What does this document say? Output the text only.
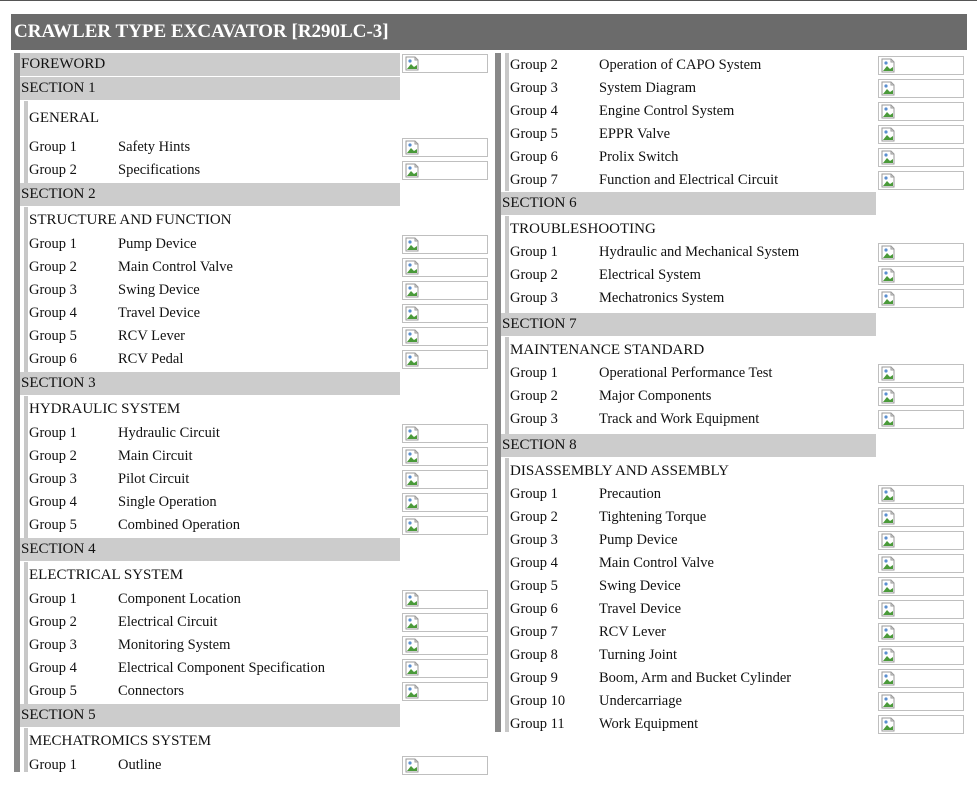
CRAWLER TYPE EXCAVATOR [R290LC-3]
FOREWORD
SECTION 1
GENERAL
Group 1	Safety Hints
Group 2	Specifications
SECTION 2
STRUCTURE AND FUNCTION
Group 1	Pump Device
Group 2	Main Control Valve
Group 3	Swing Device
Group 4	Travel Device
Group 5	RCV Lever
Group 6	RCV Pedal
SECTION 3
HYDRAULIC SYSTEM
Group 1	Hydraulic Circuit
Group 2	Main Circuit
Group 3	Pilot Circuit
Group 4	Single Operation
Group 5	Combined Operation
SECTION 4
ELECTRICAL SYSTEM
Group 1	Component Location
Group 2	Electrical Circuit
Group 3	Monitoring System
Group 4	Electrical Component Specification
Group 5	Connectors
SECTION 5
MECHATROMICS SYSTEM
Group 1	Outline
Group 2	Operation of CAPO System
Group 3	System Diagram
Group 4	Engine Control System
Group 5	EPPR Valve
Group 6	Prolix Switch
Group 7	Function and Electrical Circuit
SECTION 6
TROUBLESHOOTING
Group 1	Hydraulic and Mechanical System
Group 2	Electrical System
Group 3	Mechatronics System
SECTION 7
MAINTENANCE STANDARD
Group 1	Operational Performance Test
Group 2	Major Components
Group 3	Track and Work Equipment
SECTION 8
DISASSEMBLY AND ASSEMBLY
Group 1	Precaution
Group 2	Tightening Torque
Group 3	Pump Device
Group 4	Main Control Valve
Group 5	Swing Device
Group 6	Travel Device
Group 7	RCV Lever
Group 8	Turning Joint
Group 9	Boom, Arm and Bucket Cylinder
Group 10 Undercarriage
Group 11 Work Equipment
